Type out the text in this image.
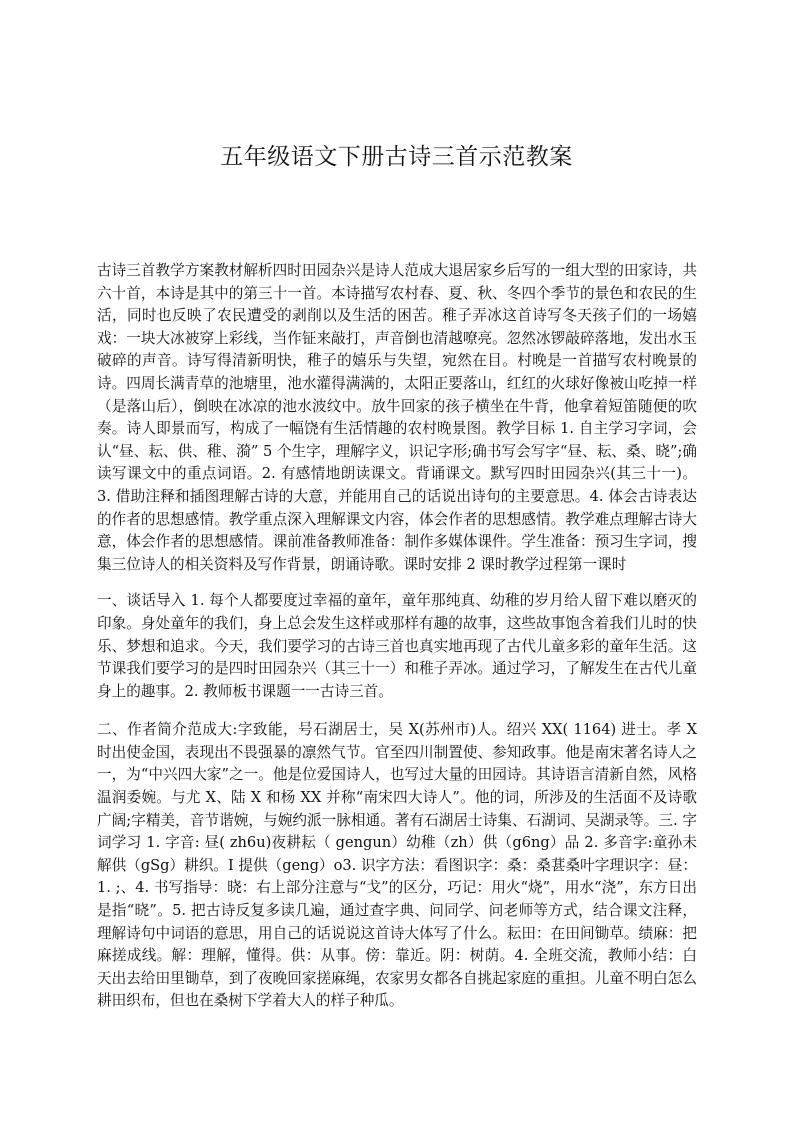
五年级语文下册古诗三首示范教案

古诗三首教学方案教材解析四时田园杂兴是诗人范成大退居家乡后写的一组大型的田家诗，共六十首，本诗是其中的第三十一首。本诗描写农村春、夏、秋、冬四个季节的景色和农民的生活，同时也反映了农民遭受的剥削以及生活的困苦。稚子弄冰这首诗写冬天孩子们的一场嬉戏：一块大冰被穿上彩线，当作钲来敲打，声音倒也清越嘹亮。忽然冰锣敲碎落地，发出水玉破碎的声音。诗写得清新明快，稚子的嬉乐与失望，宛然在目。村晚是一首描写农村晚景的诗。四周长满青草的池塘里，池水灌得满满的，太阳正要落山，红红的火球好像被山吃掉一样（是落山后），倒映在冰凉的池水波纹中。放牛回家的孩子横坐在牛背，他拿着短笛随便的吹奏。诗人即景而写，构成了一幅饶有生活情趣的农村晚景图。教学目标 1. 自主学习字词，会认“昼、耘、供、稚、漪” 5 个生字，理解字义，识记字形;确书写会写字“昼、耘、桑、晓”;确读写课文中的重点词语。2. 有感情地朗读课文。背诵课文。默写四时田园杂兴(其三十一)。 3. 借助注释和插图理解古诗的大意，并能用自己的话说出诗句的主要意思。4. 体会古诗表达的作者的思想感情。教学重点深入理解课文内容，体会作者的思想感情。教学难点理解古诗大意，体会作者的思想感情。课前准备教师准备：制作多媒体课件。学生准备：预习生字词，搜集三位诗人的相关资料及写作背景，朗诵诗歌。课时安排 2 课时教学过程第一课时

一、谈话导入 1. 每个人都要度过幸福的童年，童年那纯真、幼稚的岁月给人留下难以磨灭的印象。身处童年的我们，身上总会发生这样或那样有趣的故事，这些故事饱含着我们儿时的快乐、梦想和追求。今天，我们要学习的古诗三首也真实地再现了古代儿童多彩的童年生活。这节课我们要学习的是四时田园杂兴（其三十一）和稚子弄冰。通过学习，了解发生在古代儿童身上的趣事。2. 教师板书课题一一古诗三首。

二、作者简介范成大:字致能，号石湖居士，吴 X(苏州市)人。绍兴 XX( 1164) 进士。孝 X 时出使金国，表现出不畏强暴的凛然气节。官至四川制置使、参知政事。他是南宋著名诗人之一，为“中兴四大家”之一。他是位爱国诗人，也写过大量的田园诗。其诗语言清新自然，风格温润委婉。与尤 X、陆 X 和杨 XX 并称“南宋四大诗人”。他的词，所涉及的生活面不及诗歌广阔;字精美，音节谐婉，与婉约派一脉相通。著有石湖居士诗集、石湖词、吴湖录等。三. 字词学习 1. 字音: 昼( zh6u)夜耕耘（ gengun）幼稚（zh）供（g6ng）品 2. 多音字:童孙未解供（gSg）耕织。I 提供（geng）o3. 识字方法：看图识字：桑：桑葚桑叶字理识字：昼：1. ;、4. 书写指导：晓：右上部分注意与“戈”的区分，巧记：用火“烧”，用水“浇”，东方日出是指“晓”。5. 把古诗反复多读几遍，通过查字典、问同学、问老师等方式，结合课文注释，理解诗句中词语的意思，用自己的话说说这首诗大体写了什么。耘田：在田间锄草。绩麻：把麻搓成线。解：理解，懂得。供：从事。傍：靠近。阴：树荫。4. 全班交流，教师小结：白天出去给田里锄草，到了夜晚回家搓麻绳，农家男女都各自挑起家庭的重担。儿童不明白怎么耕田织布，但也在桑树下学着大人的样子种瓜。
